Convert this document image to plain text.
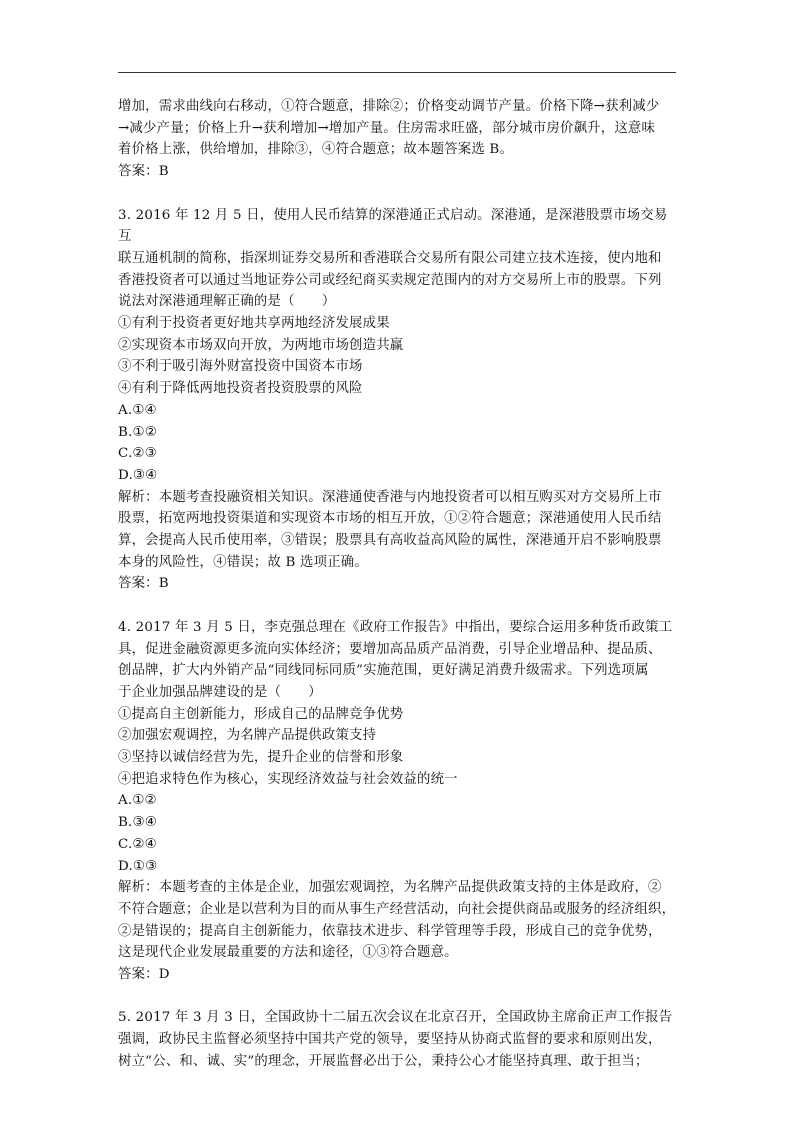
增加，需求曲线向右移动，①符合题意，排除②；价格变动调节产量。价格下降→获利减少

→减少产量；价格上升→获利增加→增加产量。住房需求旺盛，部分城市房价飙升，这意味

着价格上涨，供给增加，排除③，④符合题意；故本题答案选 B。

答案：B

3. 2016 年 12 月 5 日，使用人民币结算的深港通正式启动。深港通，是深港股票市场交易互

联互通机制的简称，指深圳证券交易所和香港联合交易所有限公司建立技术连接，使内地和

香港投资者可以通过当地证券公司或经纪商买卖规定范围内的对方交易所上市的股票。下列

说法对深港通理解正确的是（　　）

①有利于投资者更好地共享两地经济发展成果

②实现资本市场双向开放，为两地市场创造共赢

③不利于吸引海外财富投资中国资本市场

④有利于降低两地投资者投资股票的风险

A.①④

B.①②

C.②③

D.③④

解析：本题考查投融资相关知识。深港通使香港与内地投资者可以相互购买对方交易所上市

股票，拓宽两地投资渠道和实现资本市场的相互开放，①②符合题意；深港通使用人民币结

算，会提高人民币使用率，③错误；股票具有高收益高风险的属性，深港通开启不影响股票

本身的风险性，④错误；故 B 选项正确。

答案：B

4. 2017 年 3 月 5 日，李克强总理在《政府工作报告》中指出，要综合运用多种货币政策工

具，促进金融资源更多流向实体经济；要增加高品质产品消费，引导企业增品种、提品质、

创品牌，扩大内外销产品“同线同标同质”实施范围，更好满足消费升级需求。下列选项属

于企业加强品牌建设的是（　　）

①提高自主创新能力，形成自己的品牌竞争优势

②加强宏观调控，为名牌产品提供政策支持

③坚持以诚信经营为先，提升企业的信誉和形象

④把追求特色作为核心，实现经济效益与社会效益的统一

A.①②

B.③④

C.②④

D.①③

解析：本题考查的主体是企业，加强宏观调控，为名牌产品提供政策支持的主体是政府，②

不符合题意；企业是以营利为目的而从事生产经营活动，向社会提供商品或服务的经济组织，

②是错误的；提高自主创新能力，依靠技术进步、科学管理等手段，形成自己的竞争优势，

这是现代企业发展最重要的方法和途径，①③符合题意。

答案：D

5. 2017 年 3 月 3 日，全国政协十二届五次会议在北京召开，全国政协主席俞正声工作报告

强调，政协民主监督必须坚持中国共产党的领导，要坚持从协商式监督的要求和原则出发，

树立“公、和、诚、实”的理念，开展监督必出于公，秉持公心才能坚持真理、敢于担当；
